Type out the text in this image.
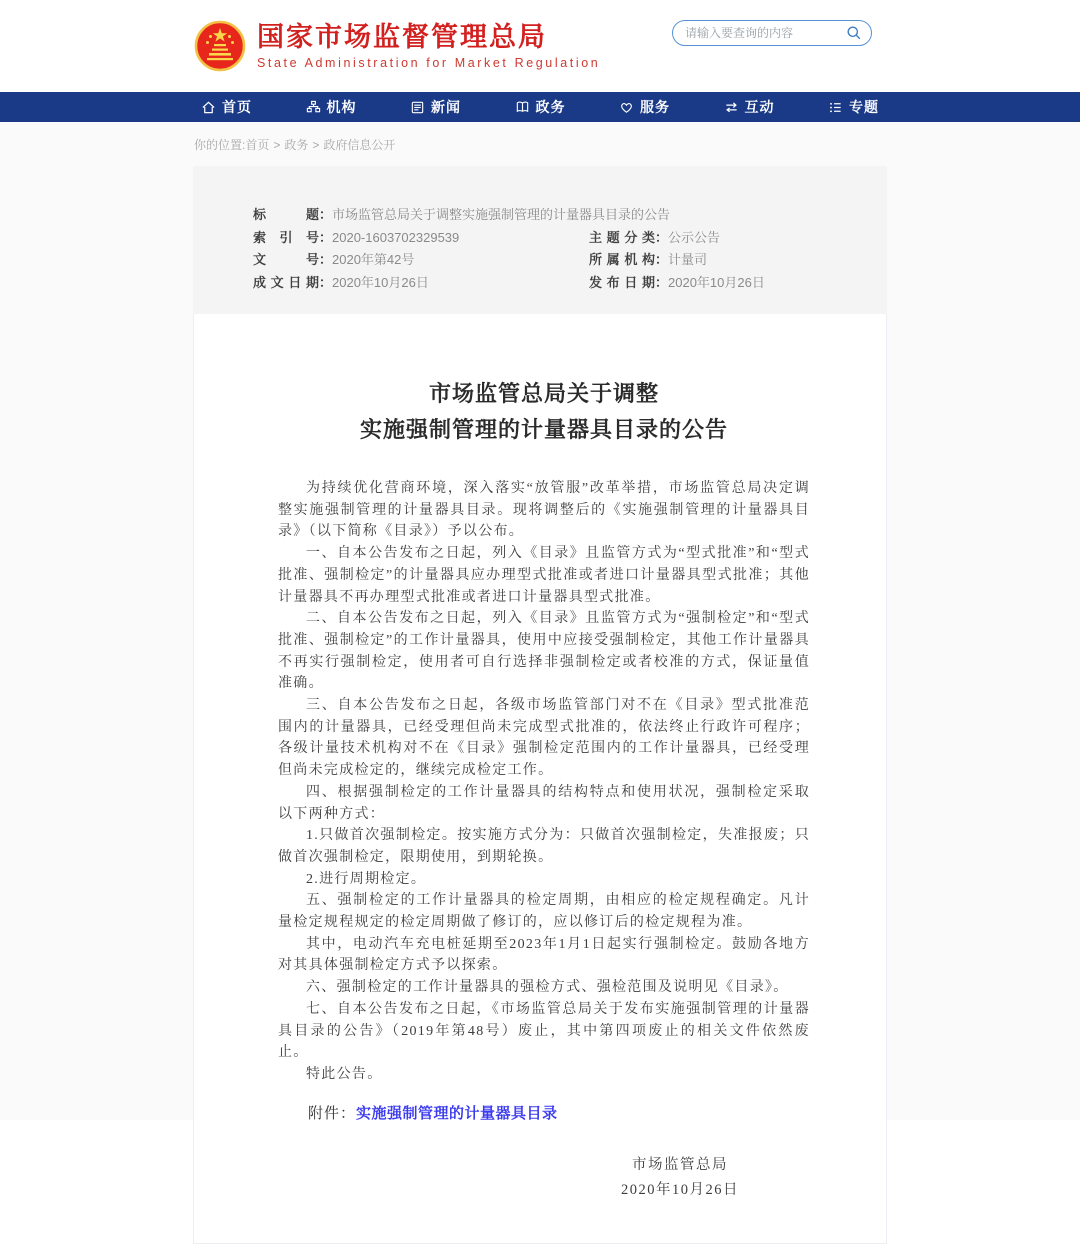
国家市场监督管理总局
State Administration for Market Regulation
请输入要查询的内容
首页	机构	新闻	政务	服务	互动	专题
你的位置:首页 > 政务 > 政府信息公开
标题：市场监管总局关于调整实施强制管理的计量器具目录的公告
索引号：2020-1603702329539
文号：2020年第42号
成文日期：2020年10月26日
主题分类：公示公告
所属机构：计量司
发布日期：2020年10月26日
市场监管总局关于调整
实施强制管理的计量器具目录的公告

为持续优化营商环境，深入落实“放管服”改革举措，市场监管总局决定调整实施强制管理的计量器具目录。现将调整后的《实施强制管理的计量器具目录》（以下简称《目录》）予以公布。

一、自本公告发布之日起，列入《目录》且监管方式为“型式批准”和“型式批准、强制检定”的计量器具应办理型式批准或者进口计量器具型式批准；其他计量器具不再办理型式批准或者进口计量器具型式批准。

二、自本公告发布之日起，列入《目录》且监管方式为“强制检定”和“型式批准、强制检定”的工作计量器具，使用中应接受强制检定，其他工作计量器具不再实行强制检定，使用者可自行选择非强制检定或者校准的方式，保证量值准确。

三、自本公告发布之日起，各级市场监管部门对不在《目录》型式批准范围内的计量器具，已经受理但尚未完成型式批准的，依法终止行政许可程序；各级计量技术机构对不在《目录》强制检定范围内的工作计量器具，已经受理但尚未完成检定的，继续完成检定工作。

四、根据强制检定的工作计量器具的结构特点和使用状况，强制检定采取以下两种方式：

1.只做首次强制检定。按实施方式分为：只做首次强制检定，失准报废；只做首次强制检定，限期使用，到期轮换。

2.进行周期检定。

五、强制检定的工作计量器具的检定周期，由相应的检定规程确定。凡计量检定规程规定的检定周期做了修订的，应以修订后的检定规程为准。

其中，电动汽车充电桩延期至2023年1月1日起实行强制检定。鼓励各地方对其具体强制检定方式予以探索。

六、强制检定的工作计量器具的强检方式、强检范围及说明见《目录》。

七、自本公告发布之日起，《市场监管总局关于发布实施强制管理的计量器具目录的公告》（2019年第48号）废止，其中第四项废止的相关文件依然废止。

特此公告。

附件：实施强制管理的计量器具目录
市场监管总局
2020年10月26日
